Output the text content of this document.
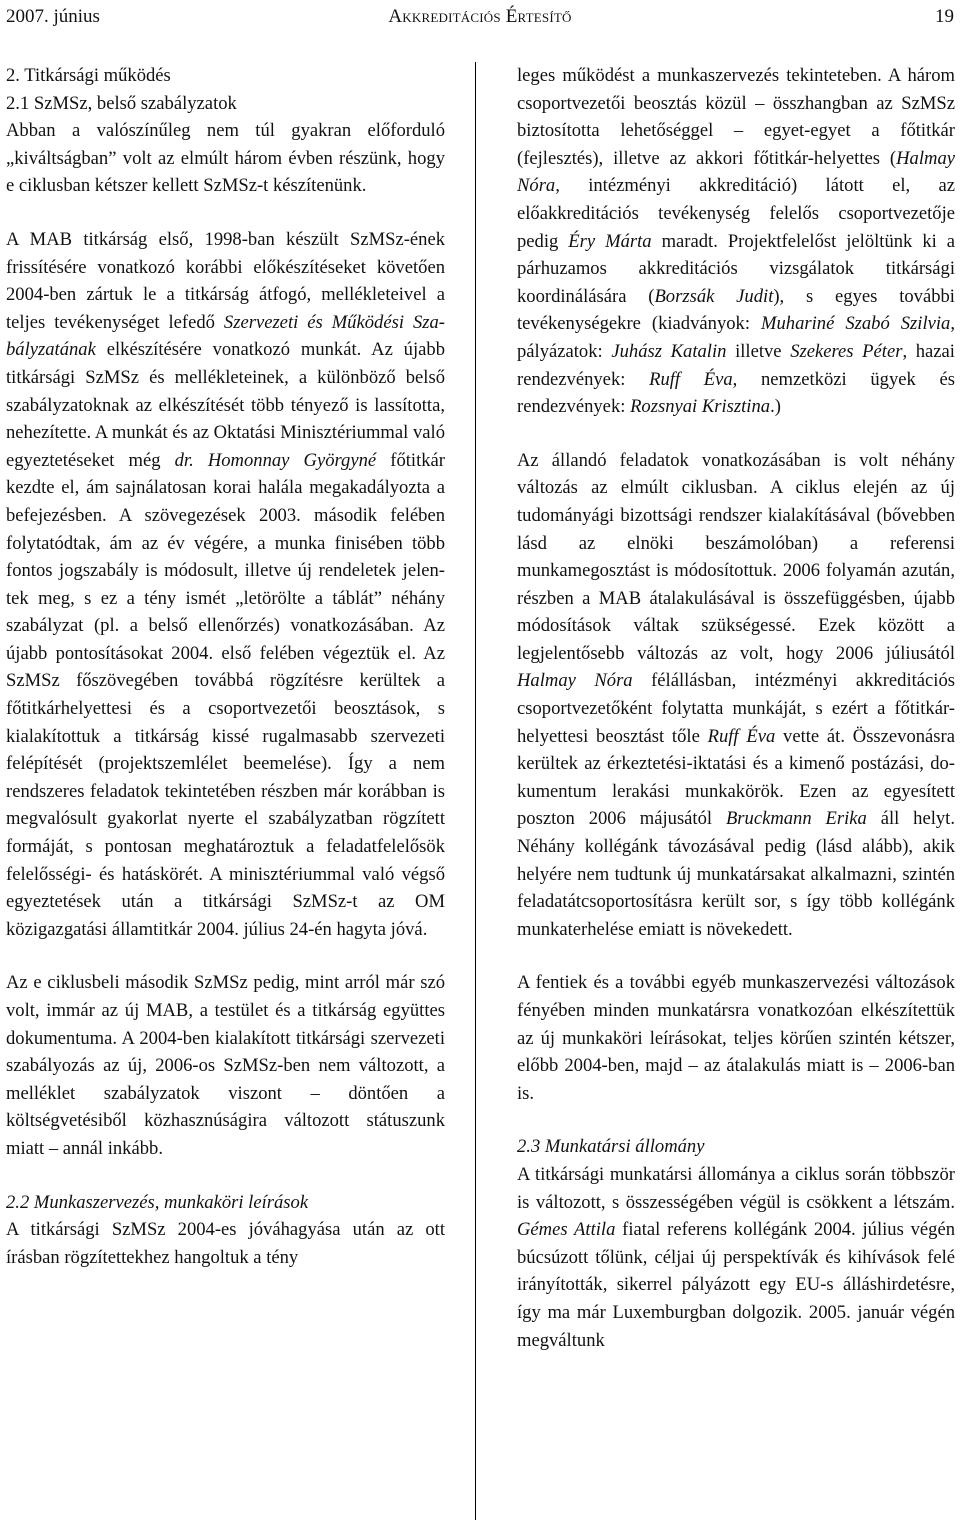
2007. június	Akkreditációs Értesítő	19

2. Titkársági működés

2.1 SzMSz, belső szabályzatok

Abban a valószínűleg nem túl gyakran előforduló „kiváltságban” volt az elmúlt három évben részünk, hogy e ciklusban kétszer kellett SzMSz-t készítenünk.

A MAB titkárság első, 1998-ban készült SzMSz-ének frissítésére vonatkozó korábbi előkészítéseket követően 2004-ben zártuk le a titkárság átfogó, mellékleteivel a teljes tevékenységet lefedő Szervezeti és Működési Szabályzatának elkészítésére vonatkozó munkát. Az újabb titkársági SzMSz és mellékleteinek, a különböző belső szabályzatoknak az elkészítését több tényező is lassította, nehezítette. A munkát és az Oktatási Minisztériummal való egyeztetéseket még dr. Homonnay Györgyné főtitkár kezdte el, ám sajnálatosan korai halála megakadályozta a befejezésben. A szövegezések 2003. második felében folytatódtak, ám az év végére, a munka finisében több fontos jogszabály is módosult, illetve új rendeletek jelentek meg, s ez a tény ismét „letörölte a táblát” néhány szabályzat (pl. a belső ellenőrzés) vonatkozásában. Az újabb pontosításokat 2004. első felében végeztük el. Az SzMSz főszövegében továbbá rögzítésre kerültek a főtitkárhelyettesi és a csoportvezetői beosztások, s kialakítottuk a titkárság kissé rugalmasabb szervezeti felépítését (projektszemlélet beemelése). Így a nem rendszeres feladatok tekintetében részben már korábban is megvalósult gyakorlat nyerte el szabályzatban rögzített formáját, s pontosan meghatároztuk a feladatfelelősök felelősségi- és hatáskörét. A minisztériummal való végső egyeztetések után a titkársági SzMSz-t az OM közigazgatási államtitkár 2004. július 24-én hagyta jóvá.

Az e ciklusbeli második SzMSz pedig, mint arról már szó volt, immár az új MAB, a testület és a titkárság együttes dokumentuma. A 2004-ben kialakított titkársági szervezeti szabályozás az új, 2006-os SzMSz-ben nem változott, a melléklet szabályzatok viszont – döntően a költségvetésiből közhasznúságira változott státuszunk miatt – annál inkább.

2.2 Munkaszervezés, munkaköri leírások

A titkársági SzMSz 2004-es jóváhagyása után az ott írásban rögzítettekhez hangoltuk a tény

leges működést a munkaszervezés tekinteteben. A három csoportvezetői beosztás közül – összhangban az SzMSz biztosította lehetőséggel – egyet-egyet a főtitkár (fejlesztés), illetve az akkori főtitkár-helyettes (Halmay Nóra, intézményi akkreditáció) látott el, az előakkreditációs tevékenység felelős csoportvezetője pedig Éry Márta maradt. Projektfelelőst jelöltünk ki a párhuzamos akkreditációs vizsgálatok titkársági koordinálására (Borzsák Judit), s egyes további tevékenységekre (kiadványok: Muhariné Szabó Szilvia, pályázatok: Juhász Katalin illetve Szekeres Péter, hazai rendezvények: Ruff Éva, nemzetközi ügyek és rendezvények: Rozsnyai Krisztina.)

Az állandó feladatok vonatkozásában is volt néhány változás az elmúlt ciklusban. A ciklus elején az új tudományági bizottsági rendszer kialakításával (bővebben lásd az elnöki beszámolóban) a referensi munkamegosztást is módosítottuk. 2006 folyamán azután, részben a MAB átalakulásával is összefüggésben, újabb módosítások váltak szükségessé. Ezek között a legjelentősebb változás az volt, hogy 2006 júliusától Halmay Nóra félállásban, intézményi akkreditációs csoportvezetőként folytatta munkáját, s ezért a főtitkár-helyettesi beosztást tőle Ruff Éva vette át. Összevonásra kerültek az érkeztetési-iktatási és a kimenő postázási, dokumentum lerakási munkakörök. Ezen az egyesített poszton 2006 májusától Bruckmann Erika áll helyt. Néhány kollégánk távozásával pedig (lásd alább), akik helyére nem tudtunk új munkatársakat alkalmazni, szintén feladatátcsoportosításra került sor, s így több kollégánk munkaterhelése emiatt is növekedett.

A fentiek és a további egyéb munkaszervezési változások fényében minden munkatársra vonatkozóan elkészítettük az új munkaköri leírásokat, teljes körűen szintén kétszer, előbb 2004-ben, majd – az átalakulás miatt is – 2006-ban is.

2.3 Munkatársi állomány

A titkársági munkatársi állománya a ciklus során többször is változott, s összességében végül is csökkent a létszám. Gémes Attila fiatal referens kollégánk 2004. július végén búcsúzott tőlünk, céljai új perspektívák és kihívások felé irányították, sikerrel pályázott egy EU-s álláshirdetésre, így ma már Luxemburgban dolgozik. 2005. január végén megváltunk
